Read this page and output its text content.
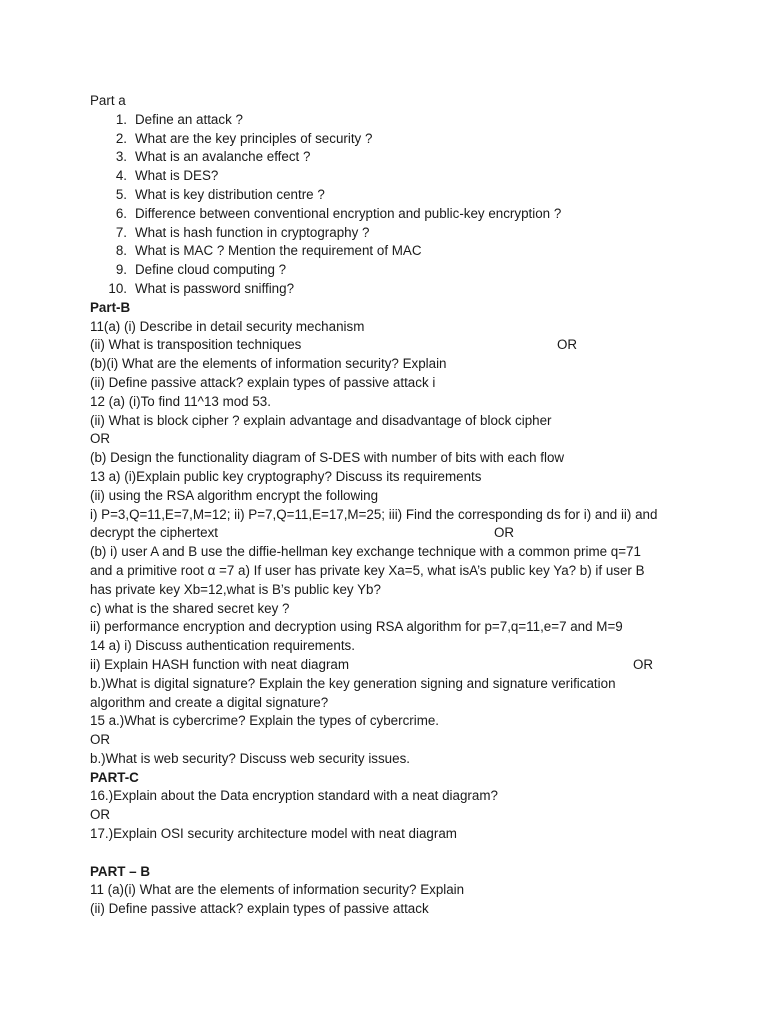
Part a
1. Define an attack ?
2. What are the key principles of security ?
3. What is an avalanche effect ?
4. What is DES?
5. What is key distribution centre ?
6. Difference between conventional encryption and public-key encryption ?
7. What is hash function in cryptography ?
8. What is MAC ? Mention the requirement of MAC
9. Define cloud computing ?
10. What is password sniffing?
Part-B
11(a) (i) Describe in detail security mechanism
(ii) What is transposition techniques	OR
(b)(i) What are the elements of information security? Explain
(ii) Define passive attack? explain types of passive attack i
12 (a) (i)To find 11^13 mod 53.
(ii) What is block cipher ? explain advantage and disadvantage of block cipher
OR
(b) Design the functionality diagram of S-DES with number of bits with each flow
13 a) (i)Explain public key cryptography? Discuss its requirements
(ii) using the RSA algorithm encrypt the following
i) P=3,Q=11,E=7,M=12; ii) P=7,Q=11,E=17,M=25; iii) Find the corresponding ds for i) and ii) and
decrypt the ciphertext	OR
(b) i) user A and B use the diffie-hellman key exchange technique with a common prime q=71
and a primitive root α =7 a) If user has private key Xa=5, what isA’s public key Ya? b) if user B
has private key Xb=12,what is B’s public key Yb?
c) what is the shared secret key ?
ii) performance encryption and decryption using RSA algorithm for p=7,q=11,e=7 and M=9
14 a) i) Discuss authentication requirements.
ii) Explain HASH function with neat diagram	OR
b.)What is digital signature? Explain the key generation signing and signature verification
algorithm and create a digital signature?
15 a.)What is cybercrime? Explain the types of cybercrime.
OR
b.)What is web security? Discuss web security issues.
PART-C
16.)Explain about the Data encryption standard with a neat diagram?
OR
17.)Explain OSI security architecture model with neat diagram
PART – B
11 (a)(i) What are the elements of information security? Explain
(ii) Define passive attack? explain types of passive attack
